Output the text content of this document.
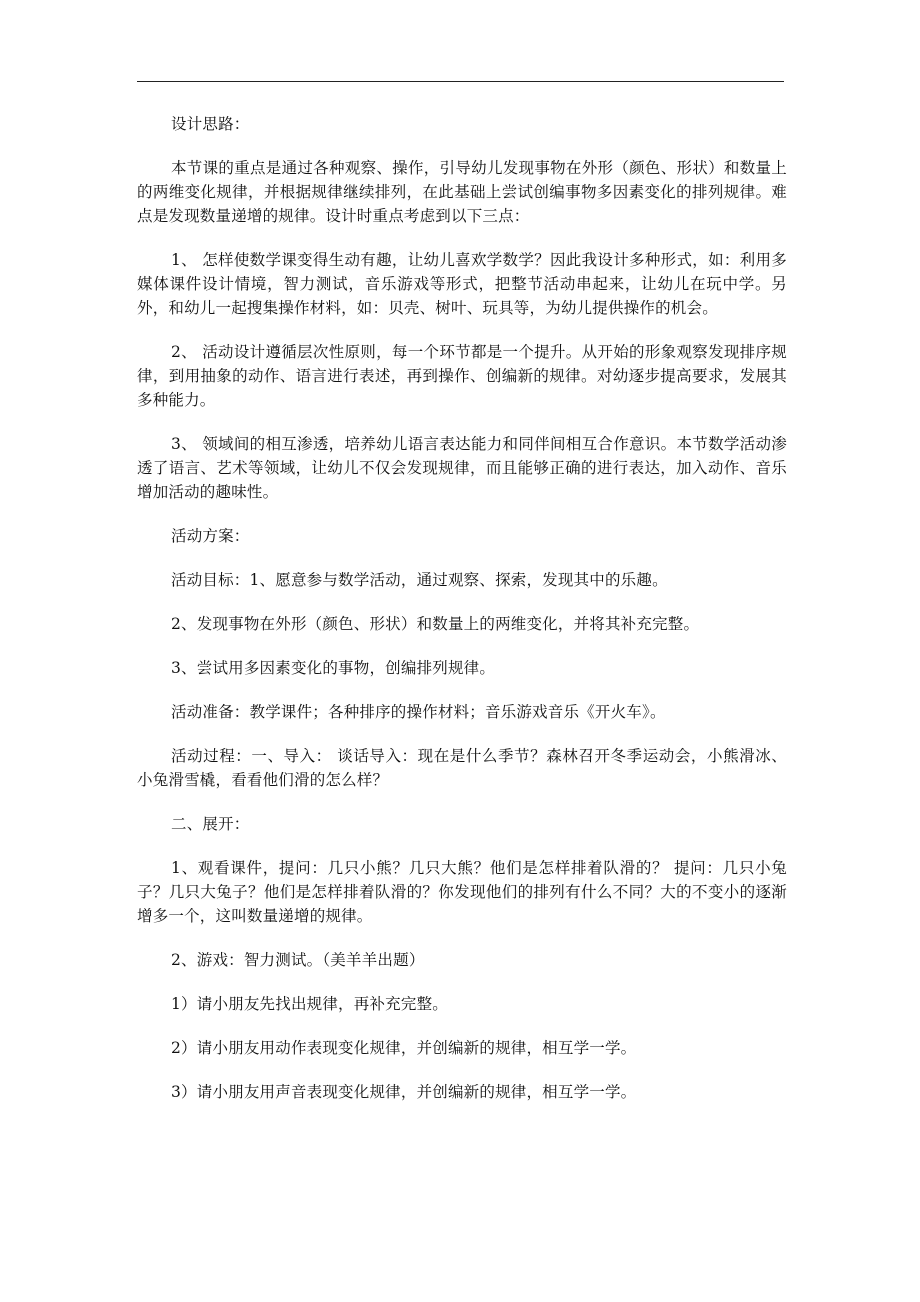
设计思路：

本节课的重点是通过各种观察、操作，引导幼儿发现事物在外形（颜色、形状）和数量上的两维变化规律，并根据规律继续排列，在此基础上尝试创编事物多因素变化的排列规律。难点是发现数量递增的规律。设计时重点考虑到以下三点：

1、 怎样使数学课变得生动有趣，让幼儿喜欢学数学？因此我设计多种形式，如：利用多媒体课件设计情境，智力测试，音乐游戏等形式，把整节活动串起来，让幼儿在玩中学。另外，和幼儿一起搜集操作材料，如：贝壳、树叶、玩具等，为幼儿提供操作的机会。

2、 活动设计遵循层次性原则，每一个环节都是一个提升。从开始的形象观察发现排序规律，到用抽象的动作、语言进行表述，再到操作、创编新的规律。对幼逐步提高要求，发展其多种能力。

3、 领域间的相互渗透，培养幼儿语言表达能力和同伴间相互合作意识。本节数学活动渗透了语言、艺术等领域，让幼儿不仅会发现规律，而且能够正确的进行表达，加入动作、音乐增加活动的趣味性。

活动方案：

活动目标：1、愿意参与数学活动，通过观察、探索，发现其中的乐趣。

2、发现事物在外形（颜色、形状）和数量上的两维变化，并将其补充完整。

3、尝试用多因素变化的事物，创编排列规律。

活动准备：教学课件；各种排序的操作材料；音乐游戏音乐《开火车》。

活动过程：一、导入： 谈话导入：现在是什么季节？森林召开冬季运动会，小熊滑冰、小兔滑雪橇，看看他们滑的怎么样？

二、展开：

1、观看课件，提问：几只小熊？几只大熊？他们是怎样排着队滑的？ 提问：几只小兔子？几只大兔子？他们是怎样排着队滑的？你发现他们的排列有什么不同？大的不变小的逐渐增多一个，这叫数量递增的规律。

2、游戏：智力测试。（美羊羊出题）

1）请小朋友先找出规律，再补充完整。

2）请小朋友用动作表现变化规律，并创编新的规律，相互学一学。

3）请小朋友用声音表现变化规律，并创编新的规律，相互学一学。
